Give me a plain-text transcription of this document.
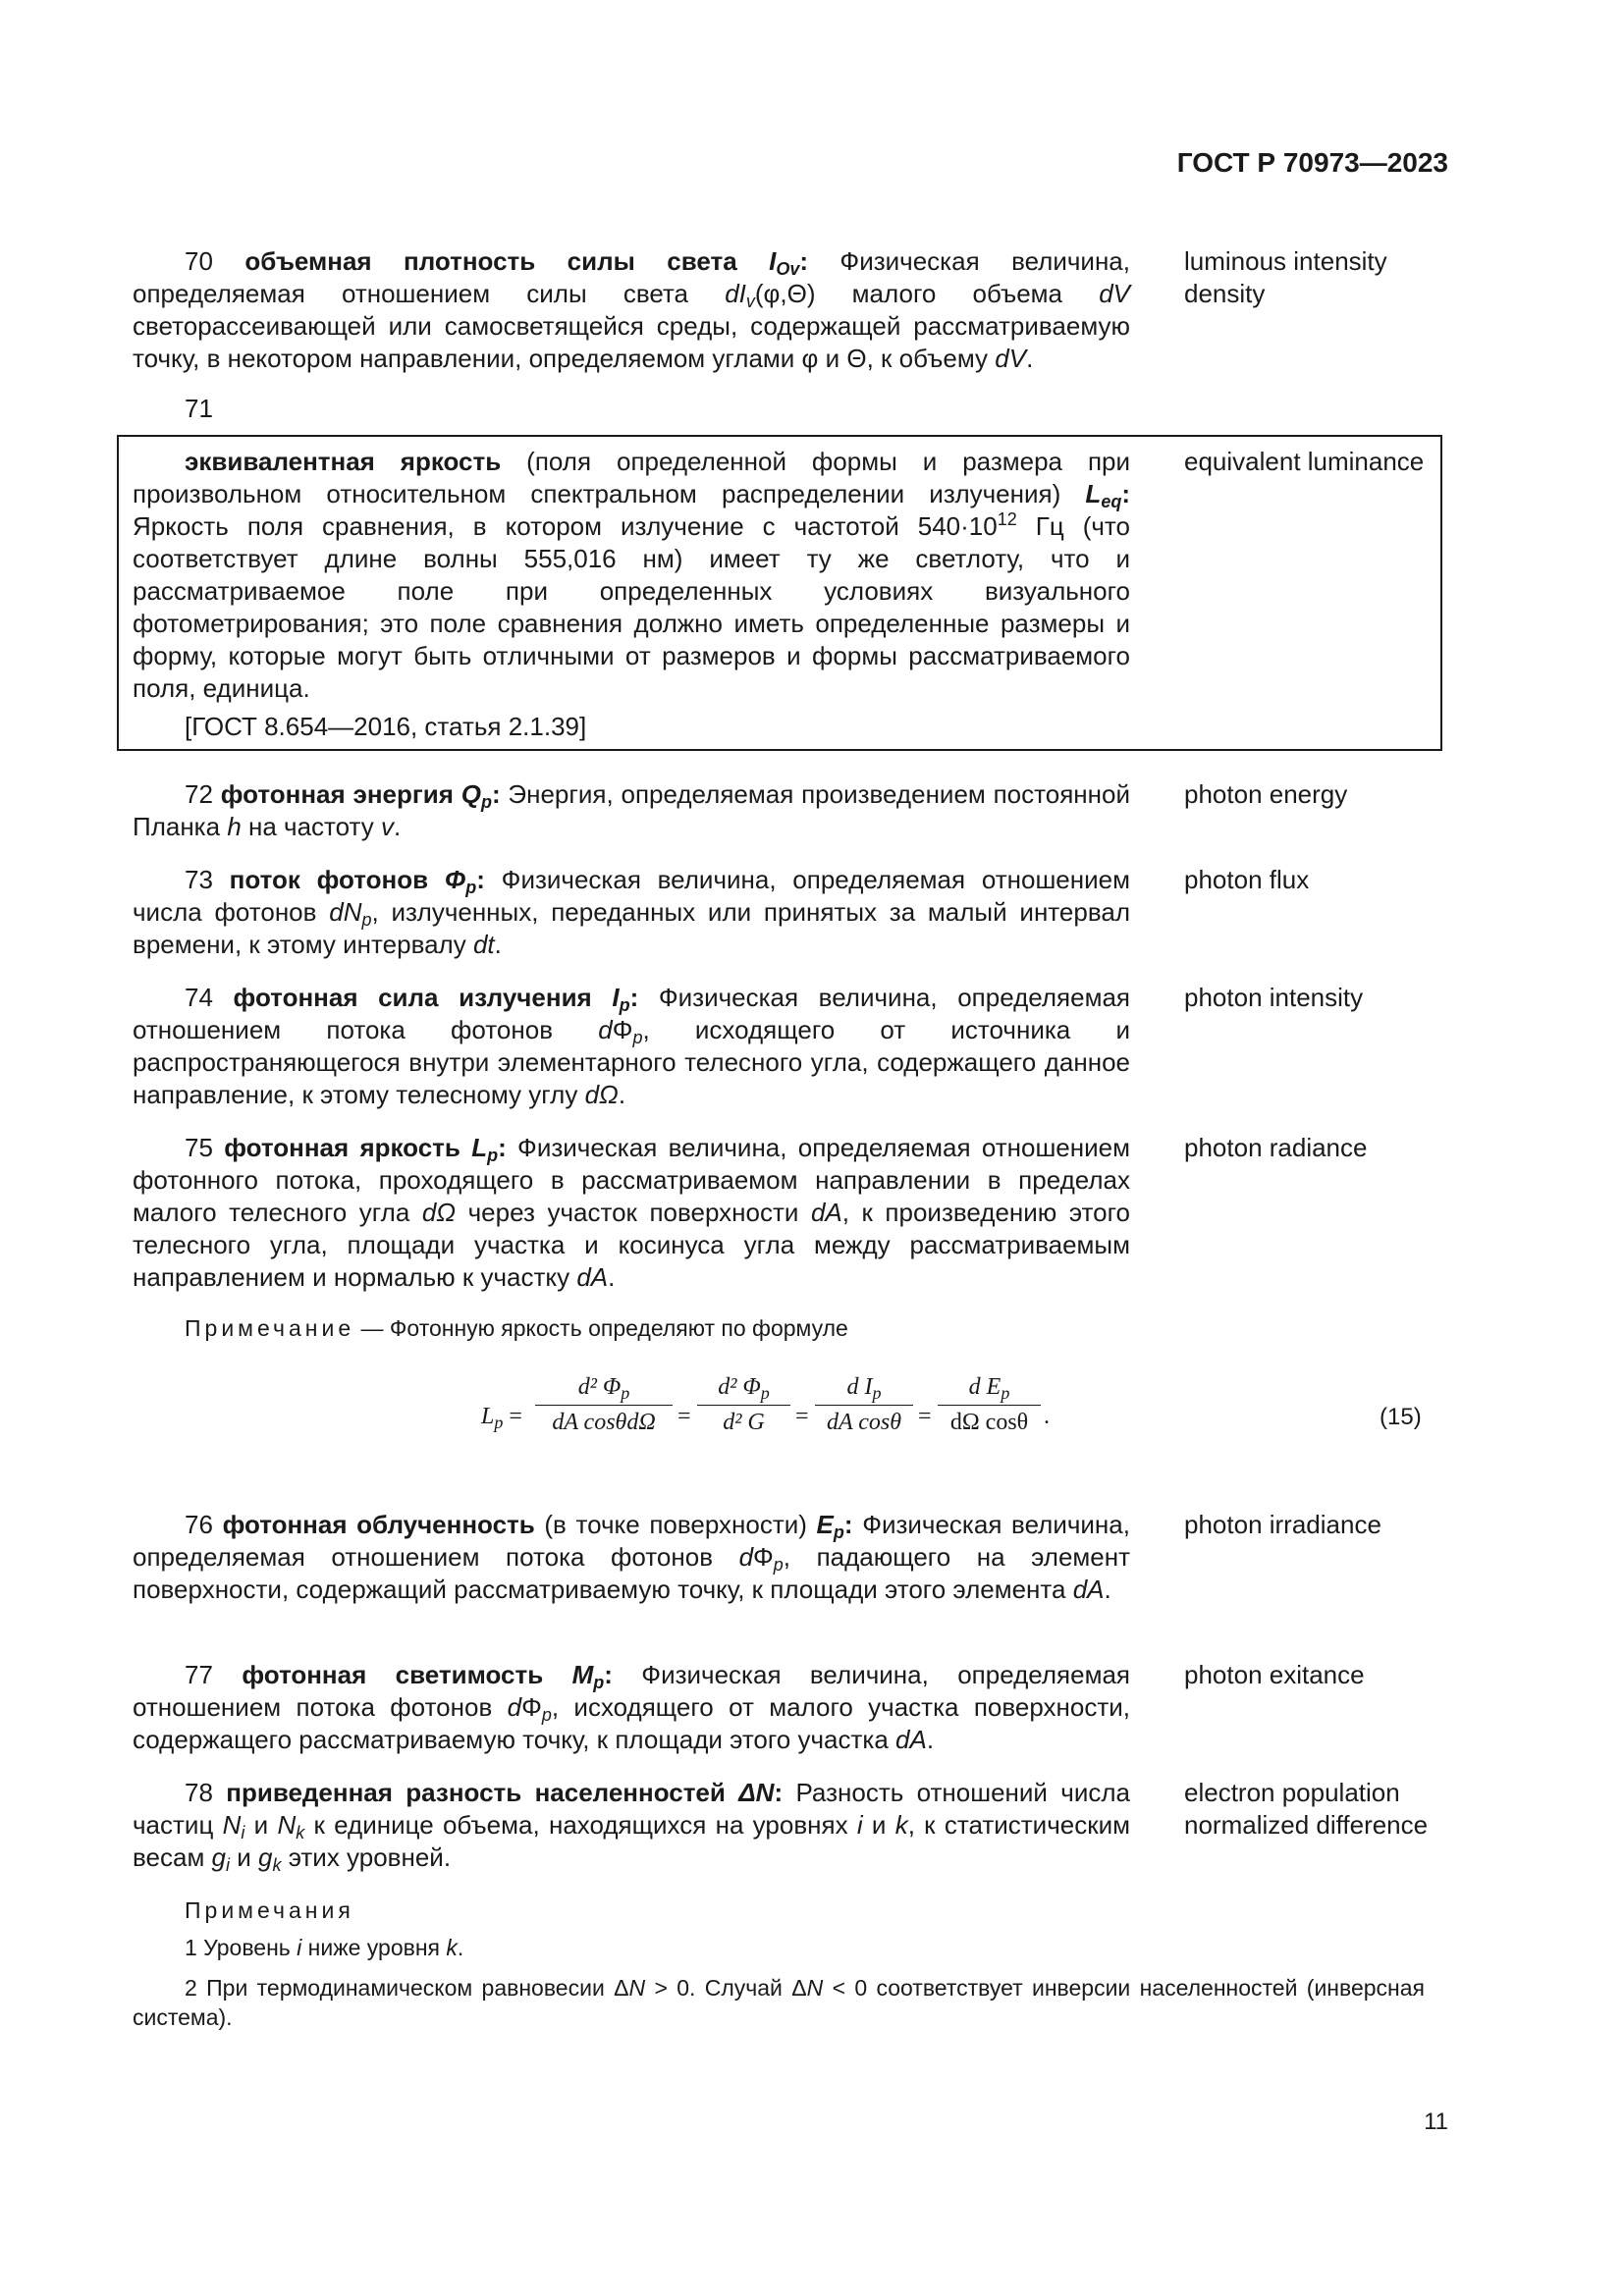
ГОСТ Р 70973—2023
70 объемная плотность силы света $I_{Ov}$: Физическая величина, определяемая отношением силы света $dI_v(\varphi,\Theta)$ малого объема dV светорассеивающей или самосветящейся среды, содержащей рассматриваемую точку, в некотором направлении, определяемом углами φ и Θ, к объему dV.
luminous intensity density
71
эквивалентная яркость (поля определенной формы и размера при произвольном относительном спектральном распределении излучения) $L_{eq}$: Яркость поля сравнения, в котором излучение с частотой $540\cdot 10^{12}$ Гц (что соответствует длине волны 555,016 нм) имеет ту же светлоту, что и рассматриваемое поле при определенных условиях визуального фотометрирования; это поле сравнения должно иметь определенные размеры и форму, которые могут быть отличными от размеров и формы рассматриваемого поля, единица.
[ГОСТ 8.654—2016, статья 2.1.39]
equivalent luminance
72 фотонная энергия $Q_p$: Энергия, определяемая произведением постоянной Планка h на частоту v.
photon energy
73 поток фотонов $\Phi_p$: Физическая величина, определяемая отношением числа фотонов $dN_p$, излученных, переданных или принятых за малый интервал времени, к этому интервалу dt.
photon flux
74 фотонная сила излучения $I_p$: Физическая величина, определяемая отношением потока фотонов $d\Phi_p$, исходящего от источника и распространяющегося внутри элементарного телесного угла, содержащего данное направление, к этому телесному углу dΩ.
photon intensity
75 фотонная яркость $L_p$: Физическая величина, определяемая отношением фотонного потока, проходящего в рассматриваемом направлении в пределах малого телесного угла dΩ через участок поверхности dA, к произведению этого телесного угла, площади участка и косинуса угла между рассматриваемым направлением и нормалью к участку dA.
photon radiance
Примечание — Фотонную яркость определяют по формуле
$L_p$ =
d² $\Phi_p$
dA $\cos\theta d\Omega = \frac{d^2 \Phi_p}{\text{d² G}} = \frac{d I_p}{\text{dA cosθ}} = \frac{d E_p}{\text{dΩ cosθ}}$ .	(15)
76 фотонная облученность (в точке поверхности) $E_p$: Физическая величина, определяемая отношением потока фотонов $d\Phi_p$, падающего на элемент поверхности, содержащий рассматриваемую точку, к площади этого элемента dA.
photon irradiance
77 фотонная светимость $M_p$: Физическая величина, определяемая отношением потока фотонов $d\Phi_p$, исходящего от малого участка поверхности, содержащего рассматриваемую точку, к площади этого участка dA.
photon exitance
78 приведенная разность населенностей ΔN: Разность отношений числа частиц $N_i$ и $N_k$ к единице объема, находящихся на уровнях i и k, к статистическим весам $g_i$ и $g_k$ этих уровней.
electron population normalized difference
Примечания
1 Уровень i ниже уровня k.
2 При термодинамическом равновесии ΔN > 0. Случай ΔN < 0 соответствует инверсии населенностей (инверсная система).
11
